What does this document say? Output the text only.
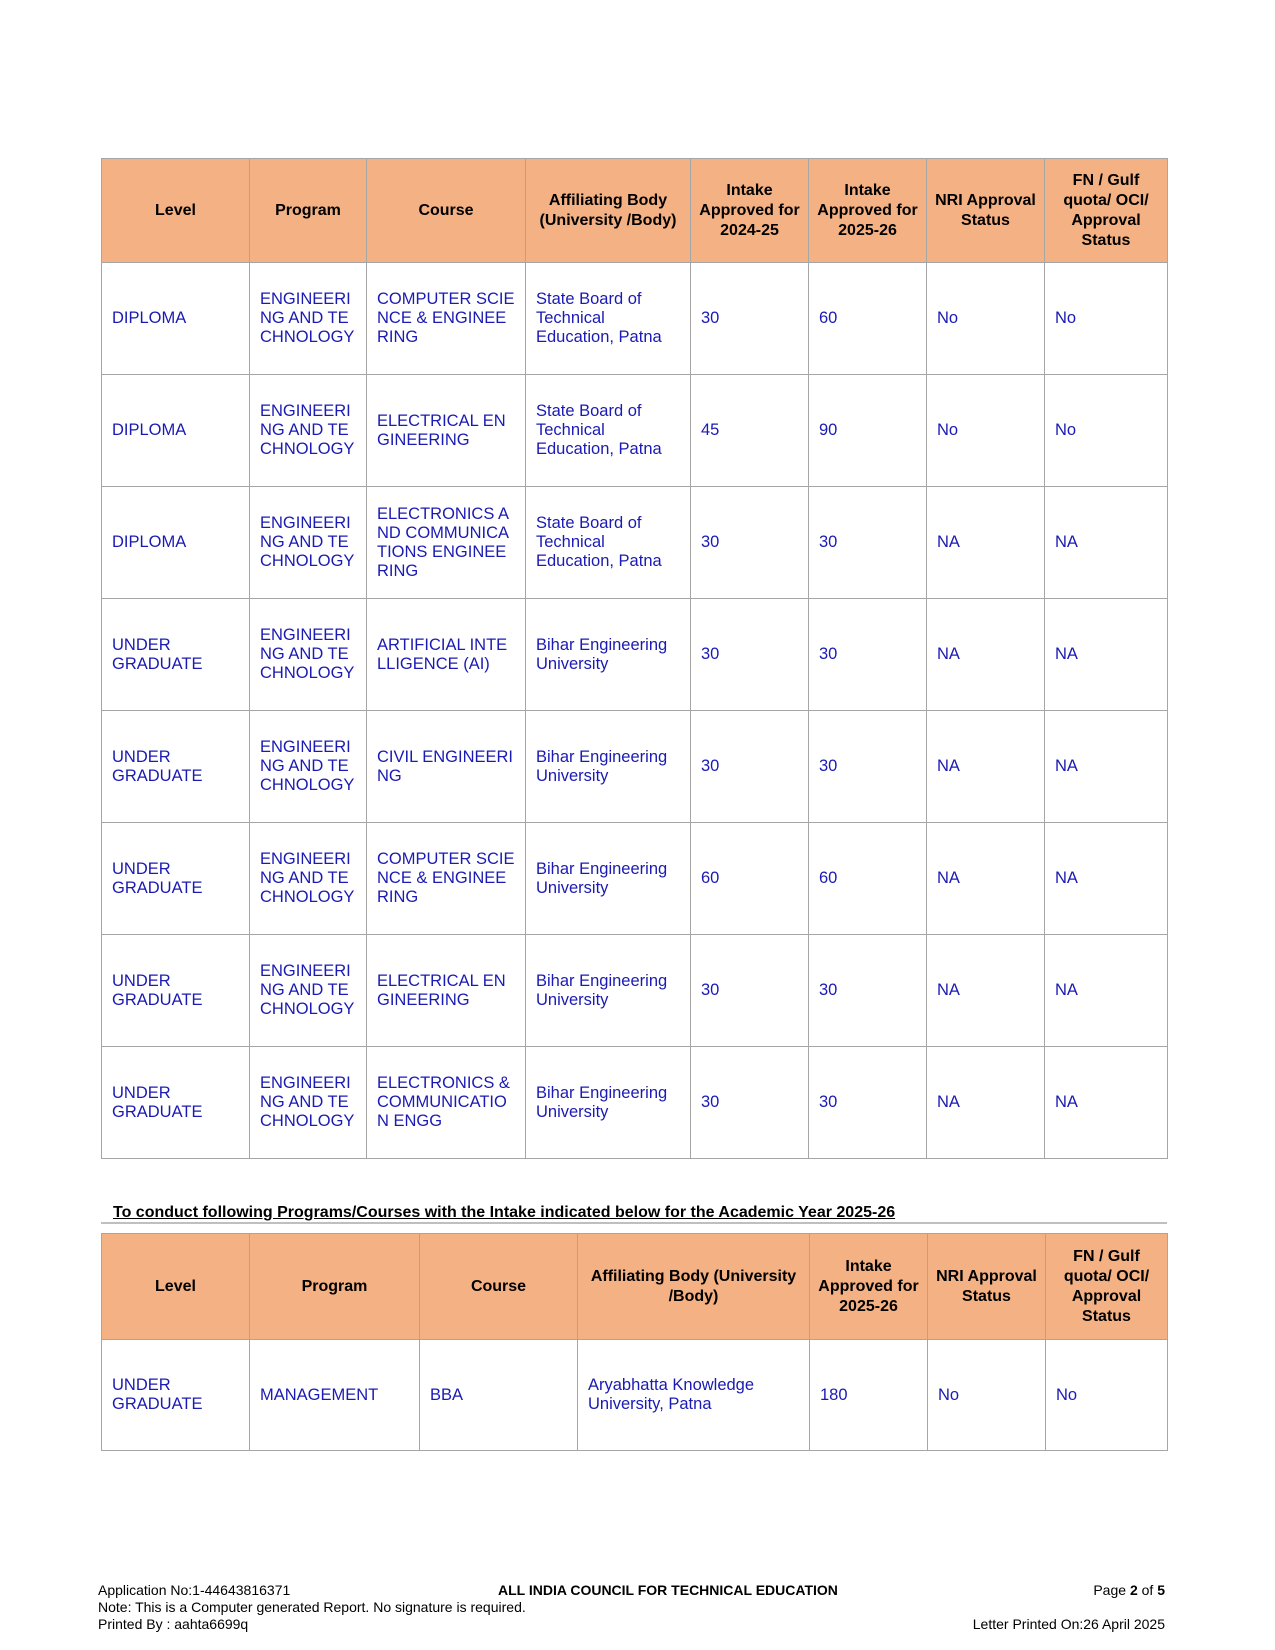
Level	Program	Course	Affiliating Body (University /Body)	Intake Approved for 2024-25	Intake Approved for 2025-26	NRI Approval Status	FN / Gulf quota/ OCI/ Approval Status
DIPLOMA	ENGINEERING AND TECHNOLOGY	COMPUTER SCIENCE & ENGINEERING	State Board of Technical Education, Patna	30	60	No	No
DIPLOMA	ENGINEERING AND TECHNOLOGY	ELECTRICAL ENGINEERING	State Board of Technical Education, Patna	45	90	No	No
DIPLOMA	ENGINEERING AND TECHNOLOGY	ELECTRONICS AND COMMUNICATIONS ENGINEERING	State Board of Technical Education, Patna	30	30	NA	NA
UNDER GRADUATE	ENGINEERING AND TECHNOLOGY	ARTIFICIAL INTELLIGENCE (AI)	Bihar Engineering University	30	30	NA	NA
UNDER GRADUATE	ENGINEERING AND TECHNOLOGY	CIVIL ENGINEERING	Bihar Engineering University	30	30	NA	NA
UNDER GRADUATE	ENGINEERING AND TECHNOLOGY	COMPUTER SCIENCE & ENGINEERING	Bihar Engineering University	60	60	NA	NA
UNDER GRADUATE	ENGINEERING AND TECHNOLOGY	ELECTRICAL ENGINEERING	Bihar Engineering University	30	30	NA	NA
UNDER GRADUATE	ENGINEERING AND TECHNOLOGY	ELECTRONICS & COMMUNICATION ENGG	Bihar Engineering University	30	30	NA	NA
To conduct following Programs/Courses with the Intake indicated below for the Academic Year 2025-26
Level	Program	Course	Affiliating Body (University /Body)	Intake Approved for 2025-26	NRI Approval Status	FN / Gulf quota/ OCI/ Approval Status
UNDER GRADUATE	MANAGEMENT	BBA	Aryabhatta Knowledge University, Patna	180	No	No
Application No:1-44643816371	ALL INDIA COUNCIL FOR TECHNICAL EDUCATION	Page 2 of 5
Note: This is a Computer generated Report. No signature is required.
Printed By : aahta6699q	Letter Printed On:26 April 2025
